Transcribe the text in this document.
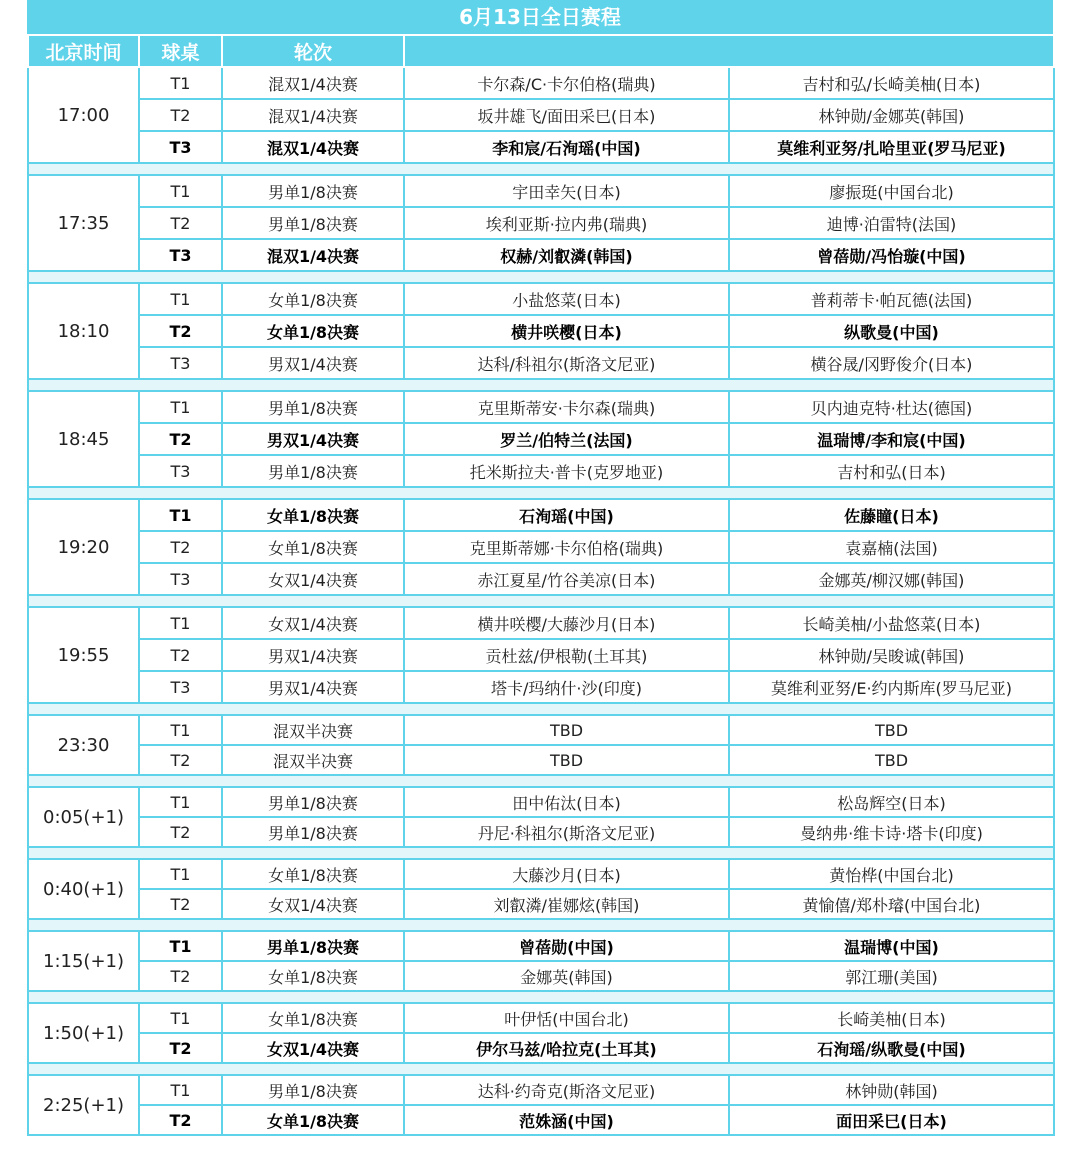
6月13日全日赛程
北京时间	球桌	轮次		
17:00	T1	混双1/4决赛	卡尔森/C·卡尔伯格(瑞典)	吉村和弘/长崎美柚(日本)
	T2	混双1/4决赛	坂井雄飞/面田采巳(日本)	林钟勋/金娜英(韩国)
	T3	混双1/4决赛	李和宸/石洵瑶(中国)	莫维利亚努/扎哈里亚(罗马尼亚)

17:35	T1	男单1/8决赛	宇田幸矢(日本)	廖振珽(中国台北)
	T2	男单1/8决赛	埃利亚斯·拉内弗(瑞典)	迪博·泊雷特(法国)
	T3	混双1/4决赛	权赫/刘叡潾(韩国)	曾蓓勋/冯怡璇(中国)

18:10	T1	女单1/8决赛	小盐悠菜(日本)	普莉蒂卡·帕瓦德(法国)
	T2	女单1/8决赛	横井咲樱(日本)	纵歌曼(中国)
	T3	男双1/4决赛	达科/科祖尔(斯洛文尼亚)	横谷晟/冈野俊介(日本)

18:45	T1	男单1/8决赛	克里斯蒂安·卡尔森(瑞典)	贝内迪克特·杜达(德国)
	T2	男双1/4决赛	罗兰/伯特兰(法国)	温瑞博/李和宸(中国)
	T3	男单1/8决赛	托米斯拉夫·普卡(克罗地亚)	吉村和弘(日本)

19:20	T1	女单1/8决赛	石洵瑶(中国)	佐藤瞳(日本)
	T2	女单1/8决赛	克里斯蒂娜·卡尔伯格(瑞典)	袁嘉楠(法国)
	T3	女双1/4决赛	赤江夏星/竹谷美凉(日本)	金娜英/柳汉娜(韩国)

19:55	T1	女双1/4决赛	横井咲樱/大藤沙月(日本)	长崎美柚/小盐悠菜(日本)
	T2	男双1/4决赛	贡杜兹/伊根勒(土耳其)	林钟勋/吴晙诚(韩国)
	T3	男双1/4决赛	塔卡/玛纳什·沙(印度)	莫维利亚努/E·约内斯库(罗马尼亚)

23:30	T1	混双半决赛	TBD	TBD
	T2	混双半决赛	TBD	TBD

0:05(+1)	T1	男单1/8决赛	田中佑汰(日本)	松岛辉空(日本)
	T2	男单1/8决赛	丹尼·科祖尔(斯洛文尼亚)	曼纳弗·维卡诗·塔卡(印度)

0:40(+1)	T1	女单1/8决赛	大藤沙月(日本)	黄怡桦(中国台北)
	T2	女双1/4决赛	刘叡潾/崔娜炫(韩国)	黄愉僖/郑朴璿(中国台北)

1:15(+1)	T1	男单1/8决赛	曾蓓勋(中国)	温瑞博(中国)
	T2	女单1/8决赛	金娜英(韩国)	郭江珊(美国)

1:50(+1)	T1	女单1/8决赛	叶伊恬(中国台北)	长崎美柚(日本)
	T2	女双1/4决赛	伊尔马兹/哈拉克(土耳其)	石洵瑶/纵歌曼(中国)

2:25(+1)	T1	男单1/8决赛	达科·约奇克(斯洛文尼亚)	林钟勋(韩国)
	T2	女单1/8决赛	范姝涵(中国)	面田采巳(日本)
